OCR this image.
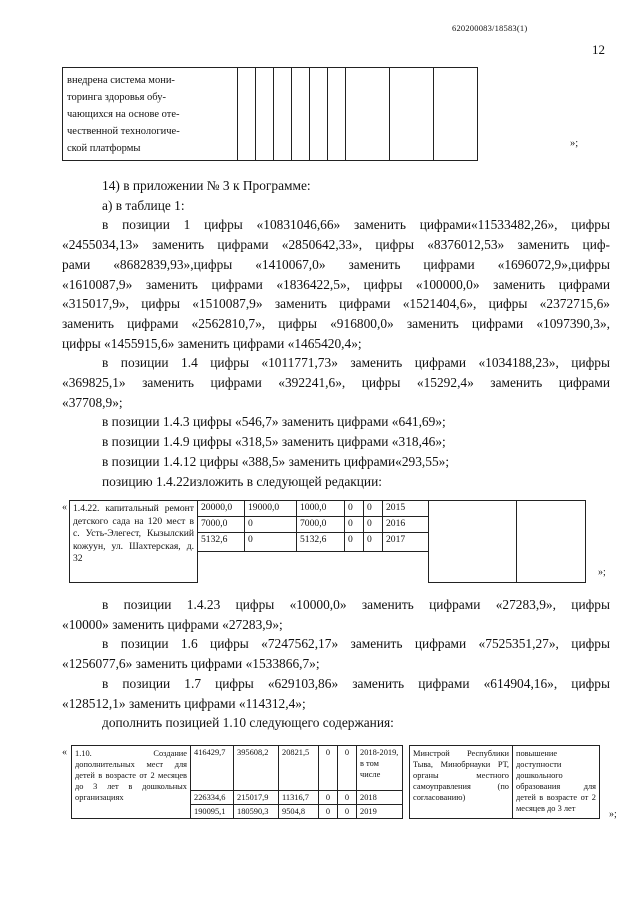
620200083/18583(1)
12
внедрена система мони-
торинга здоровья обу-
чающихся на основе оте-
чественной технологиче-
ской платформы
										»;
14) в приложении № 3 к Программе:
а) в таблице 1:
в позиции 1 цифры «10831046,66» заменить цифрами«11533482,26», цифры
«2455034,13» заменить цифрами «2850642,33», цифры «8376012,53» заменить циф-
рами «8682839,93»,цифры «1410067,0» заменить цифрами «1696072,9»,цифры
«1610087,9» заменить цифрами «1836422,5», цифры «100000,0» заменить цифрами
«315017,9», цифры «1510087,9» заменить цифрами «1521404,6», цифры «2372715,6»
заменить цифрами «2562810,7», цифры «916800,0» заменить цифрами «1097390,3»,
цифры «1455915,6» заменить цифрами «1465420,4»;
в позиции 1.4 цифры «1011771,73» заменить цифрами «1034188,23», цифры
«369825,1» заменить цифрами «392241,6», цифры «15292,4» заменить цифрами
«37708,9»;
в позиции 1.4.3 цифры «546,7» заменить цифрами «641,69»;
в позиции 1.4.9 цифры «318,5» заменить цифрами «318,46»;
в позиции 1.4.12 цифры «388,5» заменить цифрами«293,55»;
позицию 1.4.22изложить в следующей редакции:
« 1.4.22. капитальный ремонт детского сада на 120 мест в с. Усть-Элегест, Кызылский кожуун, ул. Шахтерская, д. 32	20000,0	19000,0	1000,0	0	0	2015		
	7000,0	0	7000,0	0	0	2016		
	5132,6	0	5132,6	0	0	2017		

»;
в позиции 1.4.23 цифры «10000,0» заменить цифрами «27283,9», цифры
«10000» заменить цифрами «27283,9»;
в позиции 1.6 цифры «7247562,17» заменить цифрами «7525351,27», цифры
«1256077,6» заменить цифрами «1533866,7»;
в позиции 1.7 цифры «629103,86» заменить цифрами «614904,16», цифры
«128512,1» заменить цифрами «114312,4»;
дополнить позицией 1.10 следующего содержания:
« 1.10. Создание дополнительных мест для детей в возрасте от 2 месяцев до 3 лет в дошкольных организациях	416429,7	395608,2	20821,5	0	0	2018-2019, в том числе		Минстрой Республики Тыва, Минобрнауки РТ, органы местного самоуправления (по согласованию)	повышение доступности дошкольного образования для детей в возрасте от 2 месяцев до 3 лет
	226334,6	215017,9	11316,7	0	0	2018			
	190095,1	180590,3	9504,8	0	0	2019				»;
